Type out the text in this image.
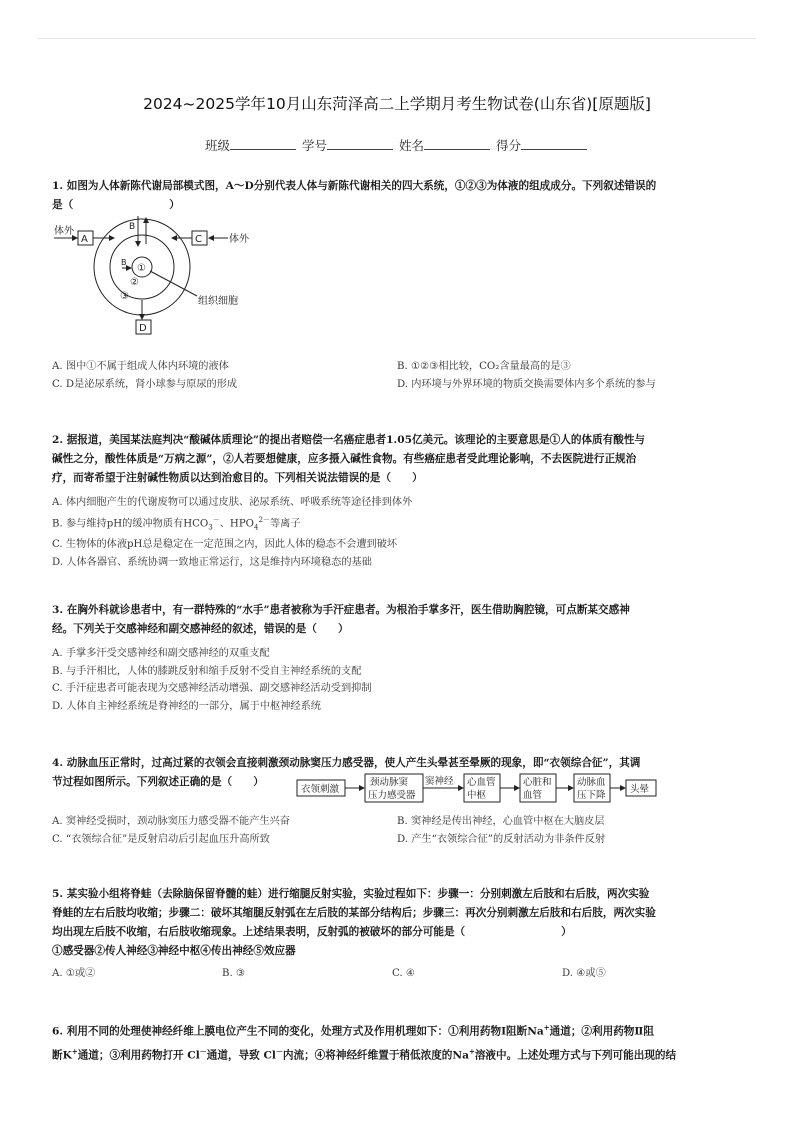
2024~2025学年10月山东菏泽高二上学期月考生物试卷(山东省)[原题版]
班级	学号	姓名	得分
1. 如图为人体新陈代谢局部模式图，A～D分别代表人体与新陈代谢相关的四大系统，①②③为体液的组成成分。下列叙述错误的
是（	）
体外
体外
A	C
D
B
B
①
②
③	组织细胞
A. 图中①不属于组成人体内环境的液体	B. ①②③相比较，CO₂含量最高的是③
C. D是泌尿系统，肾小球参与原尿的形成	D. 内环境与外界环境的物质交换需要体内多个系统的参与
2. 据报道，美国某法庭判决“酸碱体质理论”的提出者赔偿一名癌症患者1.05亿美元。该理论的主要意思是①人的体质有酸性与
碱性之分，酸性体质是“万病之源”，②人若要想健康，应多摄入碱性食物。有些癌症患者受此理论影响，不去医院进行正规治
疗，而寄希望于注射碱性物质以达到治愈目的。下列相关说法错误的是（　　）
A. 体内细胞产生的代谢废物可以通过皮肤、泌尿系统、呼吸系统等途径排到体外
B. 参与维持pH的缓冲物质有$HCO_3^-$、$HPO_4^{2-}$等离子
C. 生物体的体液pH总是稳定在一定范围之内，因此人体的稳态不会遭到破坏
D. 人体各器官、系统协调一致地正常运行，这是维持内环境稳态的基础
3. 在胸外科就诊患者中，有一群特殊的“水手”患者被称为手汗症患者。为根治手掌多汗，医生借助胸腔镜，可点断某交感神
经。下列关于交感神经和副交感神经的叙述，错误的是（　　）
A. 手掌多汗受交感神经和副交感神经的双重支配
B. 与手汗相比，人体的膝跳反射和缩手反射不受自主神经系统的支配
C. 手汗症患者可能表现为交感神经活动增强、副交感神经活动受到抑制
D. 人体自主神经系统是脊神经的一部分，属于中枢神经系统
4. 动脉血压正常时，过高过紧的衣领会直接刺激颈动脉窦压力感受器，使人产生头晕甚至晕厥的现象，即“衣领综合征”，其调
节过程如图所示。下列叙述正确的是（　　）
衣领刺激
颈动脉窦
压力感受器
窦神经 心血管
中枢
心脏和
血管
动脉血
压下降
头晕
A. 窦神经受损时，颈动脉窦压力感受器不能产生兴奋	B. 窦神经是传出神经，心血管中枢在大脑皮层
C. “衣领综合征”是反射启动后引起血压升高所致	D. 产生“衣领综合征”的反射活动为非条件反射
5. 某实验小组将脊蛙（去除脑保留脊髓的蛙）进行缩腿反射实验，实验过程如下：步骤一：分别刺激左后肢和右后肢，两次实验
脊蛙的左右后肢均收缩；步骤二：破坏其缩腿反射弧在左后肢的某部分结构后；步骤三：再次分别刺激左后肢和右后肢，两次实验
均出现左后肢不收缩，右后肢收缩现象。上述结果表明，反射弧的被破坏的部分可能是（	）
①感受器②传人神经③神经中枢④传出神经⑤效应器
A. ①或②	B. ③	C. ④	D. ④或⑤
6. 利用不同的处理使神经纤维上膜电位产生不同的变化，处理方式及作用机理如下：①利用药物Ⅰ阻断Na+通道；②利用药物Ⅱ阻
断K+通道；③利用药物打开 Cl－通道，导致 Cl－内流；④将神经纤维置于稍低浓度的Na+溶液中。上述处理方式与下列可能出现的结
